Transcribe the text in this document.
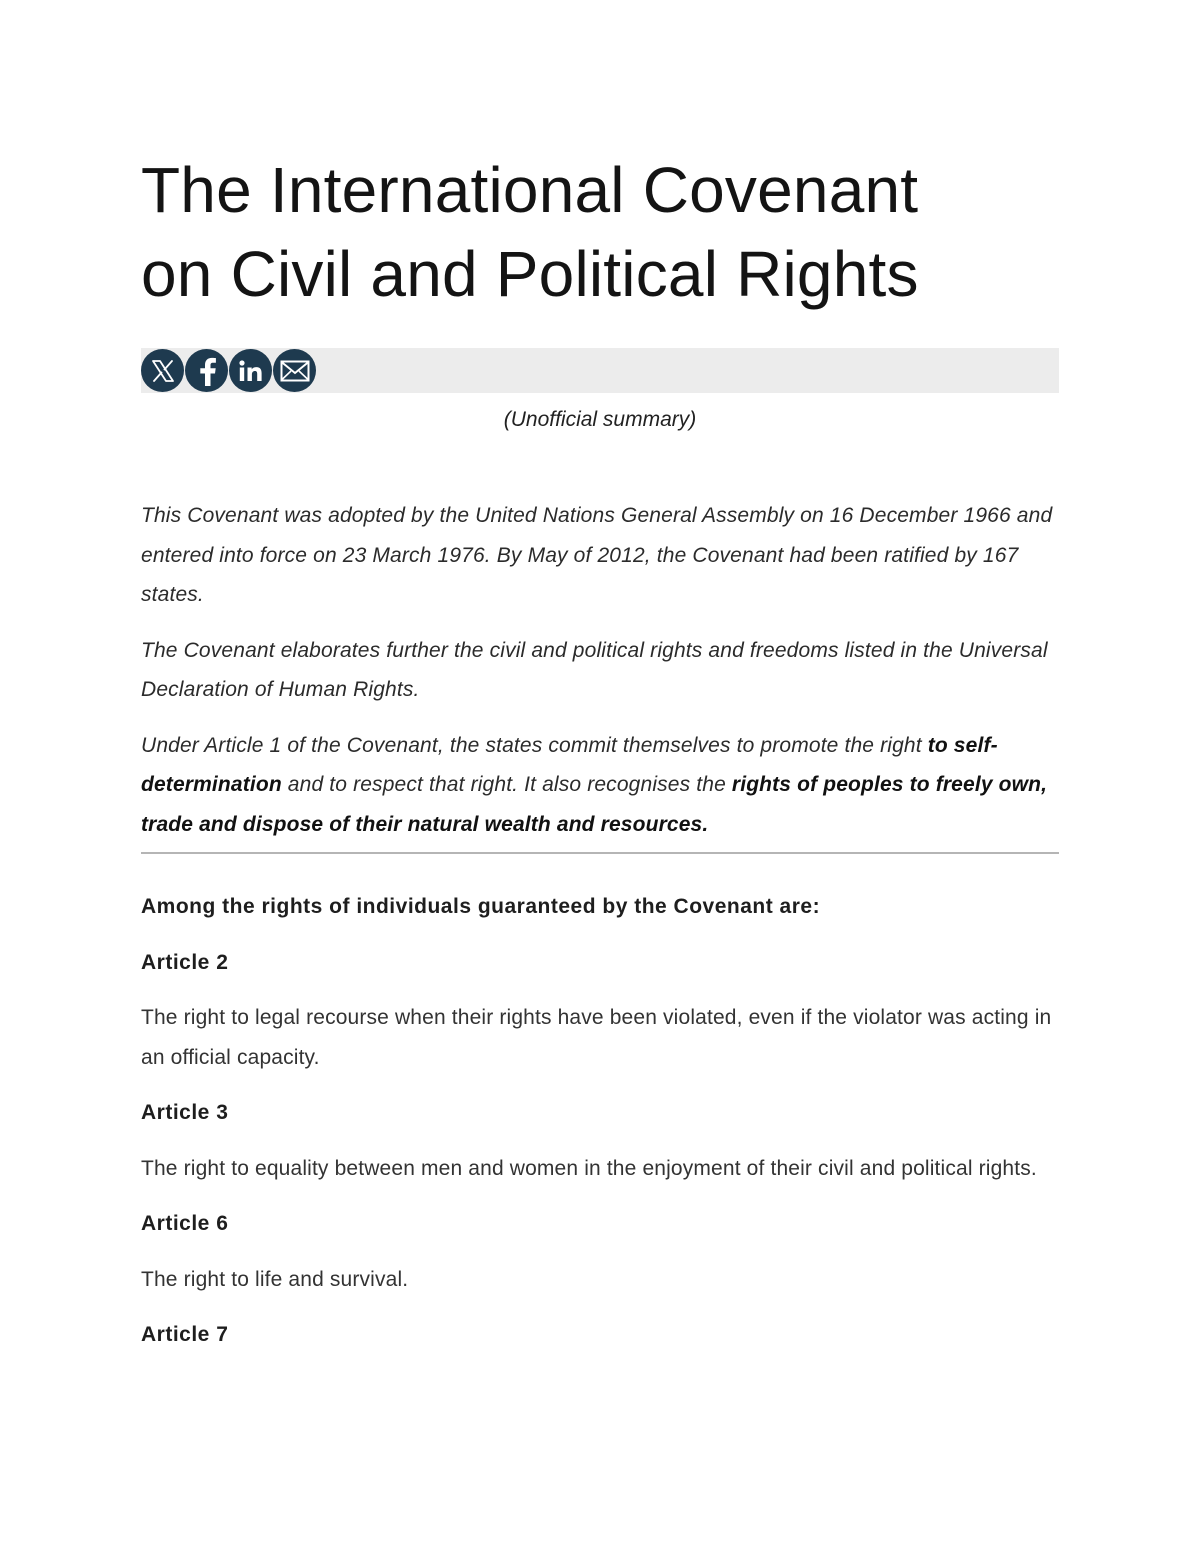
The International Covenant
on Civil and Political Rights

(Unofficial summary)

This Covenant was adopted by the United Nations General Assembly on 16 December 1966 and entered into force on 23 March 1976. By May of 2012, the Covenant had been ratified by 167 states.

The Covenant elaborates further the civil and political rights and freedoms listed in the Universal Declaration of Human Rights.

Under Article 1 of the Covenant, the states commit themselves to promote the right to self-determination and to respect that right. It also recognises the rights of peoples to freely own, trade and dispose of their natural wealth and resources.

Among the rights of individuals guaranteed by the Covenant are:

Article 2

The right to legal recourse when their rights have been violated, even if the violator was acting in an official capacity.

Article 3

The right to equality between men and women in the enjoyment of their civil and political rights.

Article 6

The right to life and survival.

Article 7
